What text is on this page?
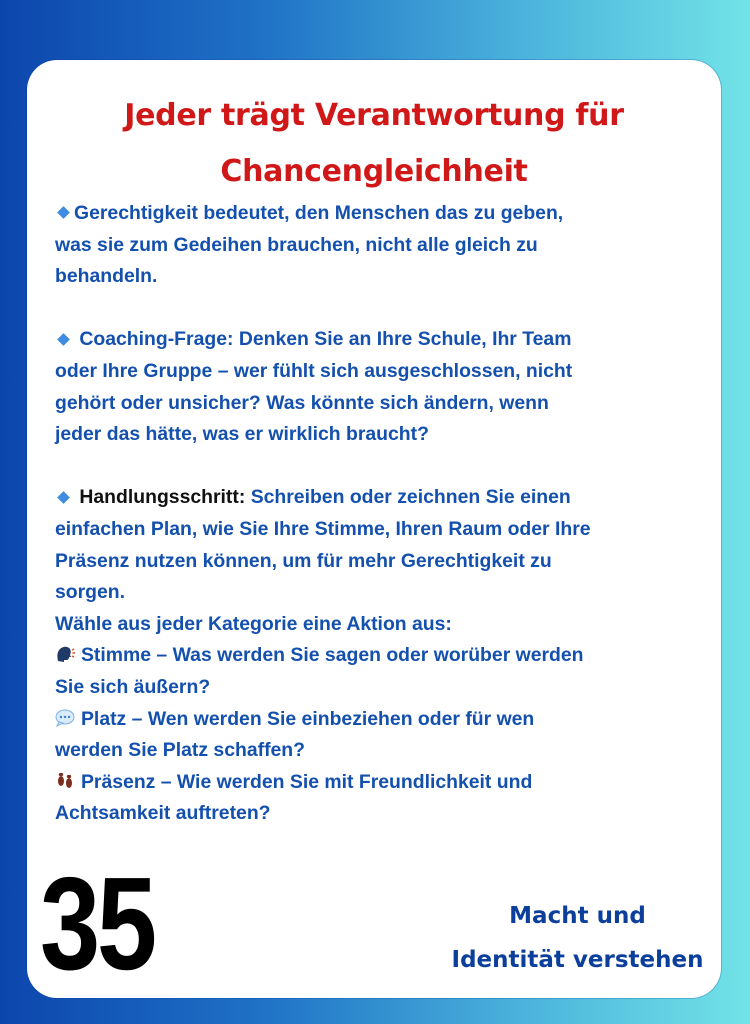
Jeder trägt Verantwortung für
Chancengleichheit

Gerechtigkeit bedeutet, den Menschen das zu geben,
was sie zum Gedeihen brauchen, nicht alle gleich zu
behandeln.

Coaching-Frage: Denken Sie an Ihre Schule, Ihr Team
oder Ihre Gruppe – wer fühlt sich ausgeschlossen, nicht
gehört oder unsicher? Was könnte sich ändern, wenn
jeder das hätte, was er wirklich braucht?

Handlungsschritt: Schreiben oder zeichnen Sie einen
einfachen Plan, wie Sie Ihre Stimme, Ihren Raum oder Ihre
Präsenz nutzen können, um für mehr Gerechtigkeit zu
sorgen.
Wähle aus jeder Kategorie eine Aktion aus:
Stimme – Was werden Sie sagen oder worüber werden
Sie sich äußern?
Platz – Wen werden Sie einbeziehen oder für wen
werden Sie Platz schaffen?
Präsenz – Wie werden Sie mit Freundlichkeit und
Achtsamkeit auftreten?
35	Macht und
Identität verstehen
